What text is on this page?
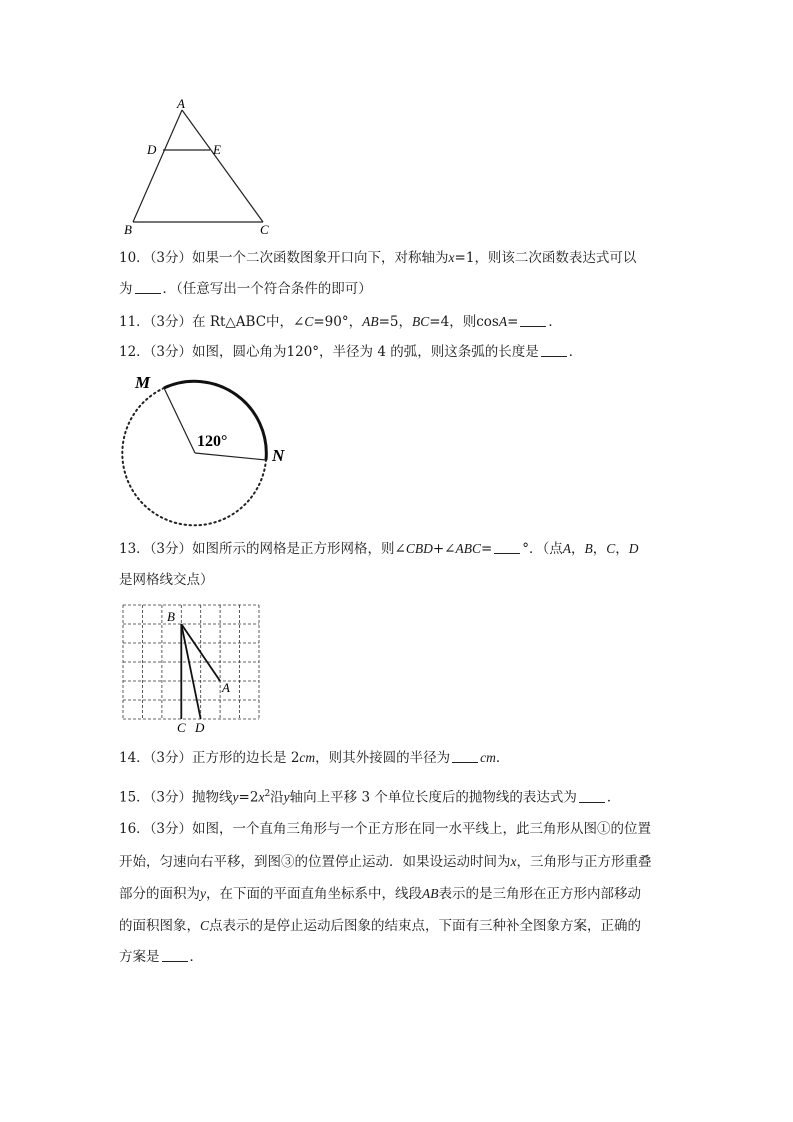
A
D	E
B	C
10．（3分）如果一个二次函数图象开口向下，对称轴为x=1，则该二次函数表达式可以
为 ．（任意写出一个符合条件的即可）
11．（3分）在 Rt△ABC中，∠C=90°，AB=5，BC=4，则cosA= ．
12．（3分）如图，圆心角为120°，半径为 4 的弧，则这条弧的长度是 ．
M
N
120°
13．（3分）如图所示的网格是正方形网格，则∠CBD+∠ABC= °．（点A，B，C，D
是网格线交点）
B
A
C D
14．（3分）正方形的边长是 2cm，则其外接圆的半径为 cm．
15．（3分）抛物线$y=2x^2$沿y轴向上平移 3 个单位长度后的抛物线的表达式为 ．
16．（3分）如图，一个直角三角形与一个正方形在同一水平线上，此三角形从图①的位置
开始，匀速向右平移，到图③的位置停止运动．如果设运动时间为x，三角形与正方形重叠
部分的面积为y，在下面的平面直角坐标系中，线段AB表示的是三角形在正方形内部移动
的面积图象，C点表示的是停止运动后图象的结束点，下面有三种补全图象方案，正确的
方案是 ．
